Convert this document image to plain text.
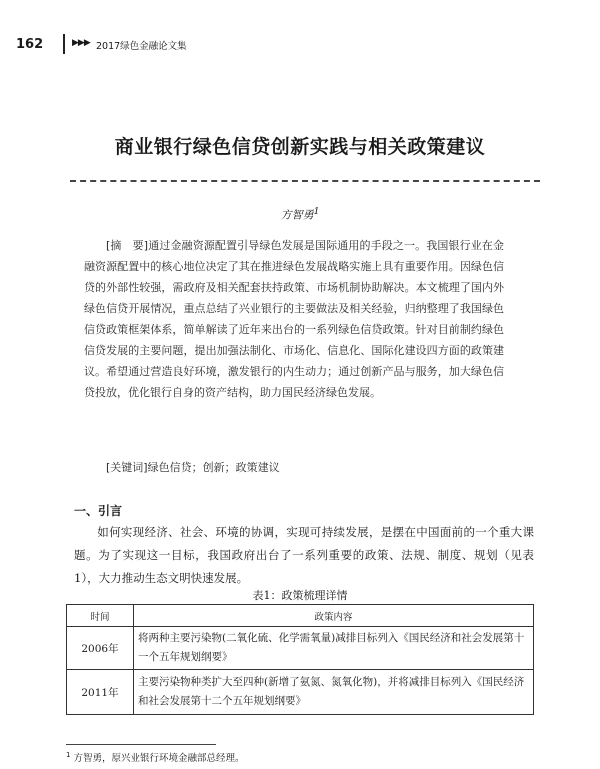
162	▶▶▶ 2017绿色金融论文集
商业银行绿色信贷创新实践与相关政策建议
方智勇$^1$
[摘　要]通过金融资源配置引导绿色发展是国际通用的手段之一。我国银行业在金融资源配置中的核心地位决定了其在推进绿色发展战略实施上具有重要作用。因绿色信贷的外部性较强，需政府及相关配套扶持政策、市场机制协助解决。本文梳理了国内外绿色信贷开展情况，重点总结了兴业银行的主要做法及相关经验，归纳整理了我国绿色信贷政策框架体系，简单解读了近年来出台的一系列绿色信贷政策。针对目前制约绿色信贷发展的主要问题，提出加强法制化、市场化、信息化、国际化建设四方面的政策建议。希望通过营造良好环境，激发银行的内生动力；通过创新产品与服务，加大绿色信贷投放，优化银行自身的资产结构，助力国民经济绿色发展。
[关键词]绿色信贷；创新；政策建议
一、引言
如何实现经济、社会、环境的协调，实现可持续发展，是摆在中国面前的一个重大课题。为了实现这一目标，我国政府出台了一系列重要的政策、法规、制度、规划（见表1），大力推动生态文明快速发展。
表1：政策梳理详情
时间	政策内容
2006年	将两种主要污染物(二氧化硫、化学需氧量)减排目标列入《国民经济和社会发展第十一个五年规划纲要》
2011年	主要污染物种类扩大至四种(新增了氨氮、氮氧化物)，并将减排目标列入《国民经济和社会发展第十二个五年规划纲要》
$^1$ 方智勇，原兴业银行环境金融部总经理。
